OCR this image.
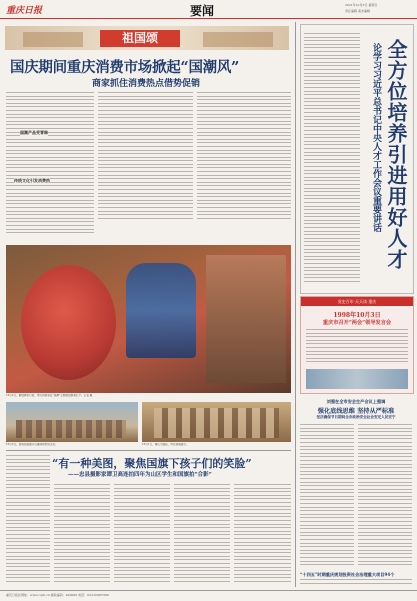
重庆日报	要闻	2021年10月3日 星期日
责任编辑 美术编辑
祖国颂
国庆期间重庆消费市场掀起“国潮风”
商家抓住消费热点借势促销
国潮产品受青睐
传统文化引发消费热
10月2日，解放碑步行街，市民和游客在“国潮”主题展馆参观打卡。记者 摄
10月2日，游客在磁器口古镇体验传统文化。	10月1日，重庆大剧院，市民观看演出。
“有一种美图，聚焦国旗下孩子们的笑脸”
——忠县摄影家谭卫高连拍四年为山区学生和国旗拍“合影”
全方位培养引进用好人才
论学习习近平总书记中央人才工作会议重要讲话
党史百年·天天读·重庆
1998年10月3日
重庆市召开“两会”领导发言会
刘强在全市安全生产会议上强调
强化底线思维 坚持从严标准
坚决确保节日期间全市政治安全社会安定人民安宁
“十四五”时期重庆规划投资社会治理重大项目94个
重庆日报社网址：www.cqrb.cn 邮政编码：400000 电话：023-63907000
